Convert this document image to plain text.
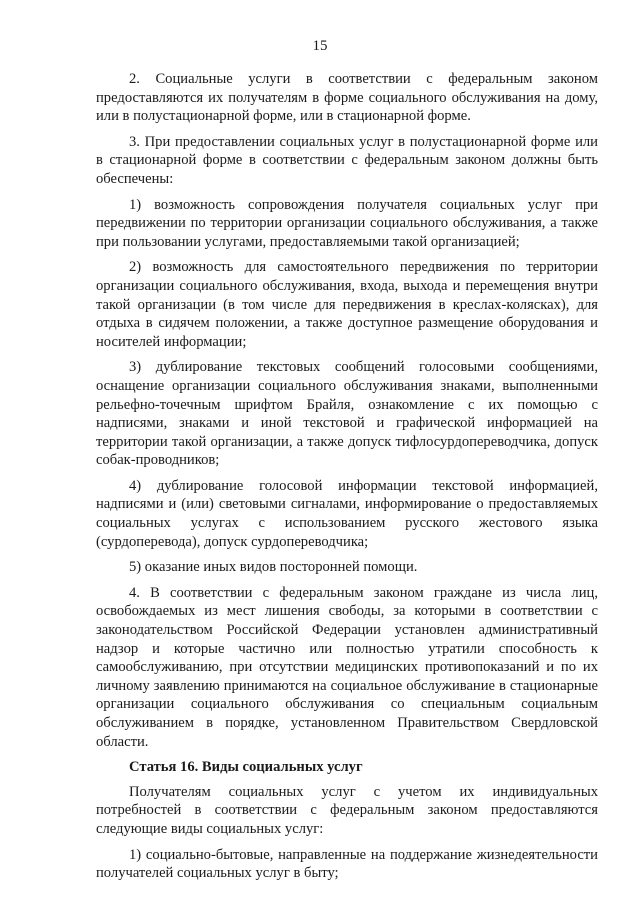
15

2. Социальные услуги в соответствии с федеральным законом предоставляются их получателям в форме социального обслуживания на дому, или в полустационарной форме, или в стационарной форме.

3. При предоставлении социальных услуг в полустационарной форме или в стационарной форме в соответствии с федеральным законом должны быть обеспечены:

1) возможность сопровождения получателя социальных услуг при передвижении по территории организации социального обслуживания, а также при пользовании услугами, предоставляемыми такой организацией;

2) возможность для самостоятельного передвижения по территории организации социального обслуживания, входа, выхода и перемещения внутри такой организации (в том числе для передвижения в креслах-колясках), для отдыха в сидячем положении, а также доступное размещение оборудования и носителей информации;

3) дублирование текстовых сообщений голосовыми сообщениями, оснащение организации социального обслуживания знаками, выполненными рельефно-точечным шрифтом Брайля, ознакомление с их помощью с надписями, знаками и иной текстовой и графической информацией на территории такой организации, а также допуск тифлосурдопереводчика, допуск собак-проводников;

4) дублирование голосовой информации текстовой информацией, надписями и (или) световыми сигналами, информирование о предоставляемых социальных услугах с использованием русского жестового языка (сурдоперевода), допуск сурдопереводчика;

5) оказание иных видов посторонней помощи.

4. В соответствии с федеральным законом граждане из числа лиц, освобождаемых из мест лишения свободы, за которыми в соответствии с законодательством Российской Федерации установлен административный надзор и которые частично или полностью утратили способность к самообслуживанию, при отсутствии медицинских противопоказаний и по их личному заявлению принимаются на социальное обслуживание в стационарные организации социального обслуживания со специальным социальным обслуживанием в порядке, установленном Правительством Свердловской области.

Статья 16. Виды социальных услуг

Получателям социальных услуг с учетом их индивидуальных потребностей в соответствии с федеральным законом предоставляются следующие виды социальных услуг:

1) социально-бытовые, направленные на поддержание жизнедеятельности получателей социальных услуг в быту;
